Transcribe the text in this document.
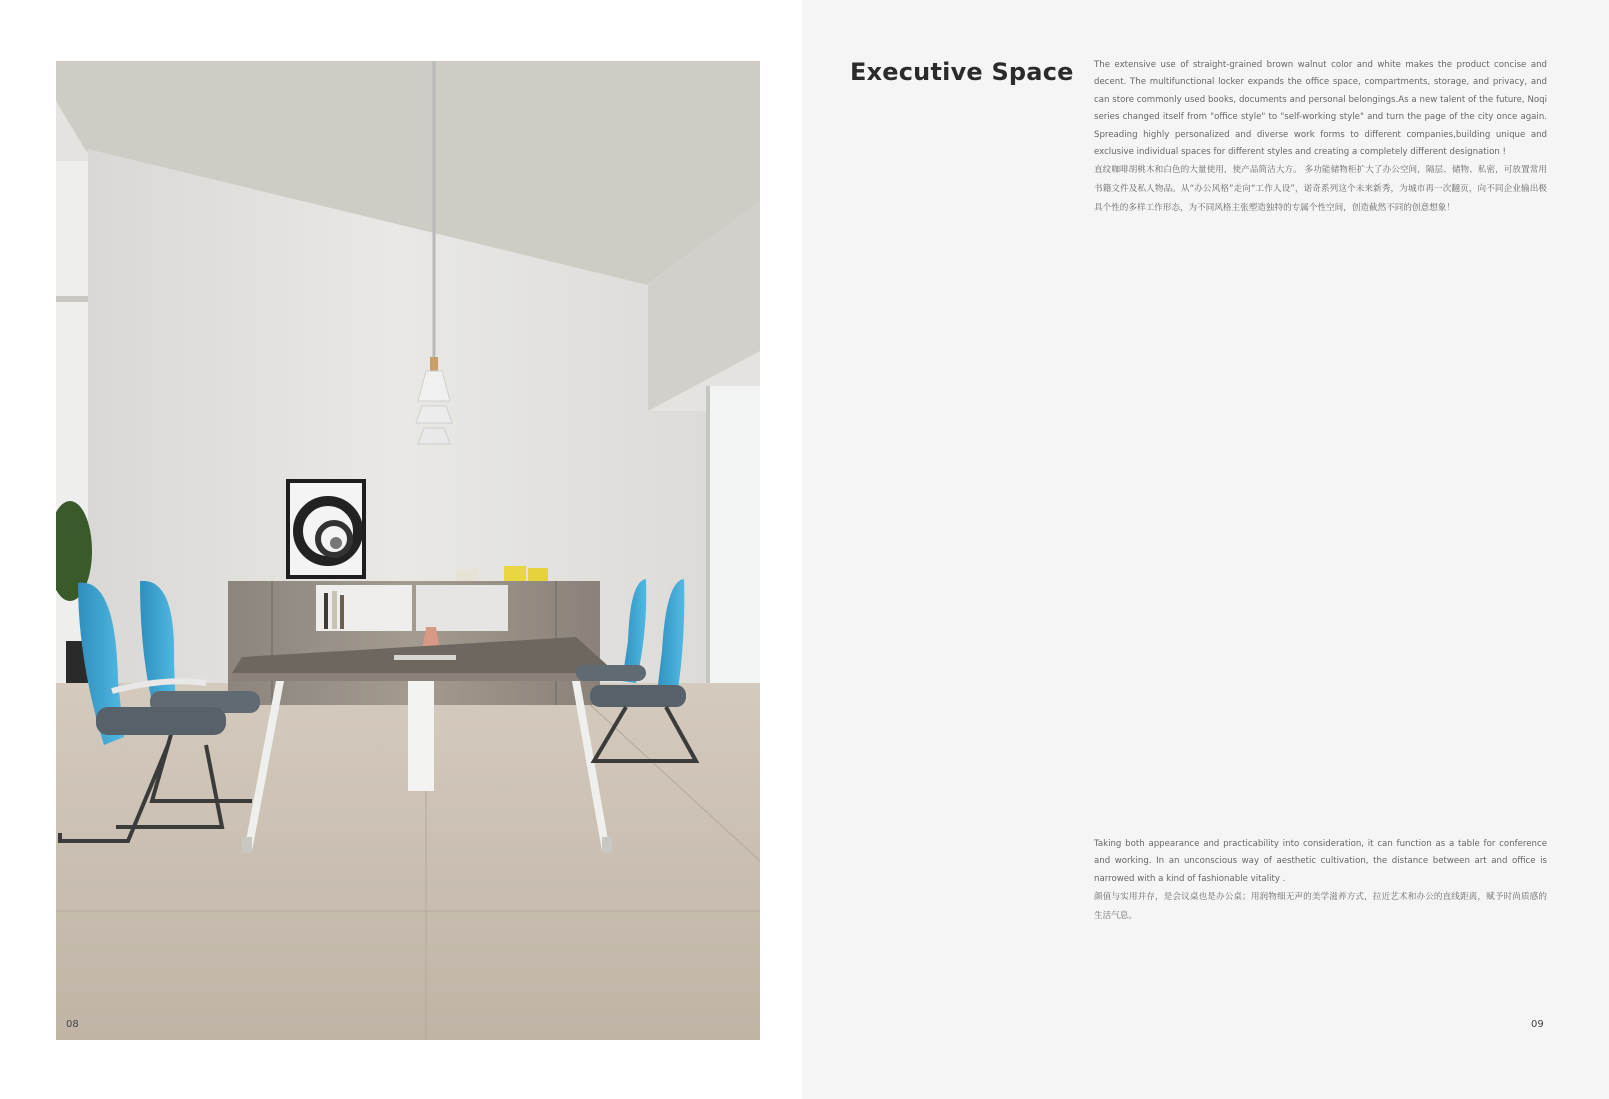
08
Executive Space The extensive use of straight-grained brown walnut color and white makes the product concise and decent. The multifunctional locker expands the office space, compartments, storage, and privacy, and can store commonly used books, documents and personal belongings.As a new talent of the future, Noqi series changed itself from "office style" to "self-working style" and turn the page of the city once again. Spreading highly personalized and diverse work forms to different companies,building unique and exclusive individual spaces for different styles and creating a completely different designation !

直纹咖啡胡桃木和白色的大量使用，使产品简洁大方。 多功能储物柜扩大了办公空间，隔层、储物、私密，可放置常用书籍文件及私人物品。从“办公风格”走向“工作人设”，诺奇系列这个未来新秀，为城市再一次翻页，向不同企业输出极具个性的多样工作形态，为不同风格主张塑造独特的专属个性空间，创造截然不同的创意想象！

Taking both appearance and practicability into consideration, it can function as a table for conference and working. In an unconscious way of aesthetic cultivation, the distance between art and office is narrowed with a kind of fashionable vitality .

颜值与实用并存，是会议桌也是办公桌；用润物细无声的美学滋养方式，拉近艺术和办公的直线距离，赋予时尚质感的生活气息。

09
